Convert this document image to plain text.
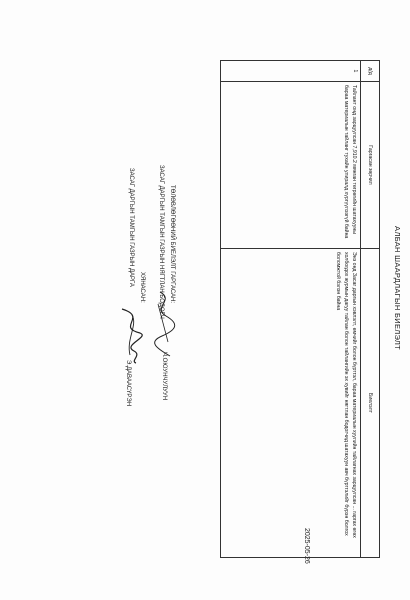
АЛБАН ШААРДЛАГЫН БИЕЛЭЛТ
2025-05-26
д/д	Гаргасан зөрчил	Биелэлт
1	Тайлант онд зарцуулсан 7,910.2 мянган төгрөгийн шатахууны бараа материалын тайланг тухайн улиралд хүргүүлээгүй байна	Энэ онд Засаг даргын хэвлэлт, өмчийг болон бүртгэл, бараа материалын хуулийн тайлагнах зарцуулсан ... гаргах өгөх холбогдох журмын дагуу тайлан болон тайлангийн эх хувийг нягтлан бодогчид шатахуун авч бүртгэлийг бүрэн болгох боломжтой бэлэн байна
ТӨЛӨВЛӨГӨӨНИЙ БИЕЛЭЛТ ГАРГАСАН:
ЗАСАГ ДАРГЫН ТАМГЫН ГАЗРЫН НЯГТЛАН БОДОГЧ
Ч.ОЮУНЧУЛУУН
ХЯНАСАН:
ЗАСАГ ДАРГЫН ТАМГЫН ГАЗРЫН ДАРГА
Э.ДАВААСҮРЭН
